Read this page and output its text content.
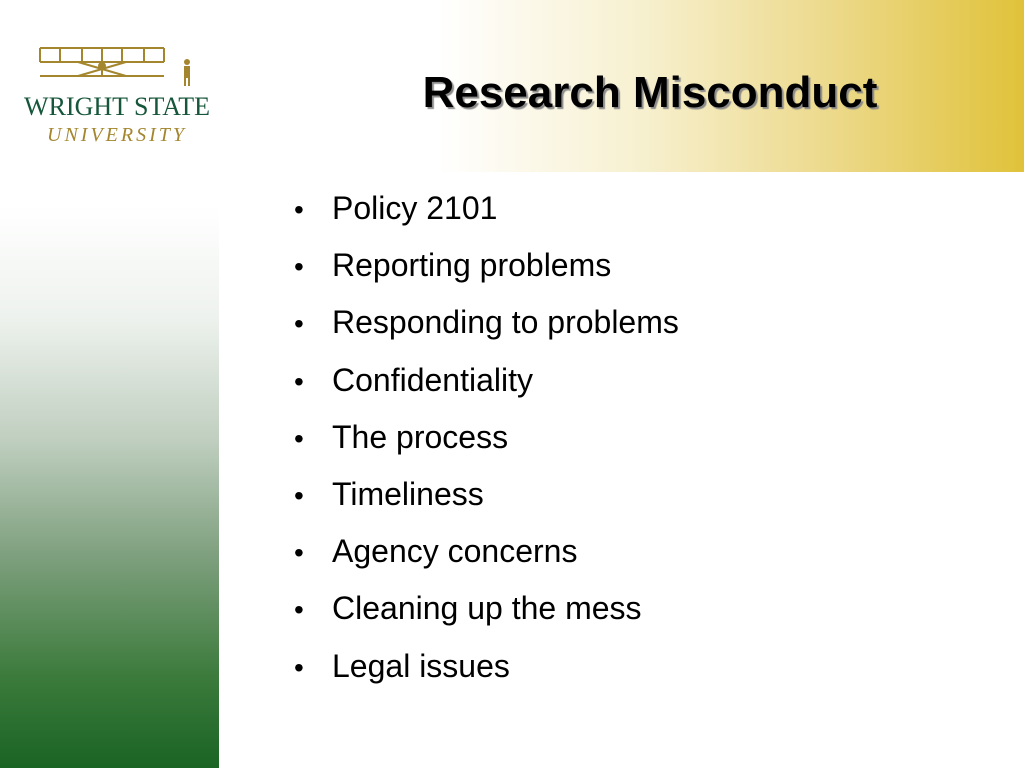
WRIGHT STATE
UNIVERSITY
Research Misconduct
• Policy 2101
• Reporting problems
• Responding to problems
• Confidentiality
• The process
• Timeliness
• Agency concerns
• Cleaning up the mess
• Legal issues
